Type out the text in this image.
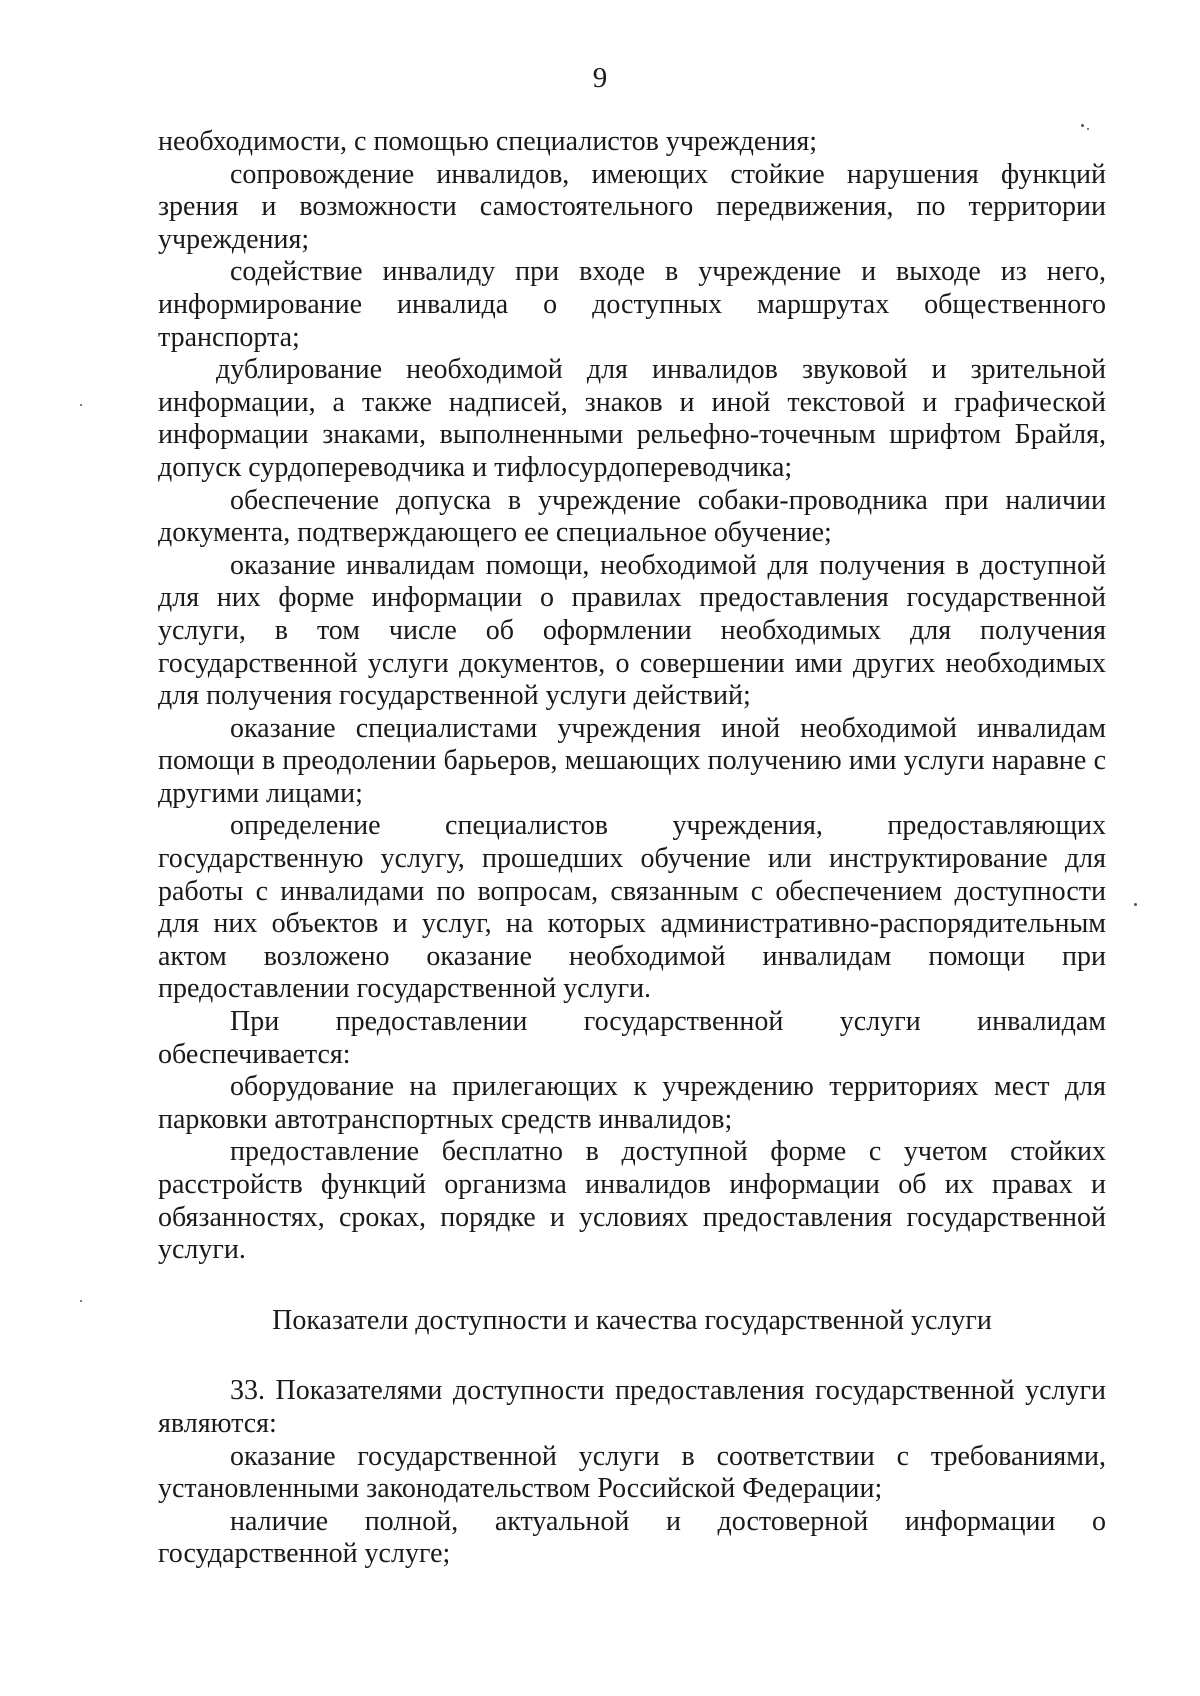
9

необходимости, с помощью специалистов учреждения;

сопровождение инвалидов, имеющих стойкие нарушения функций зрения и возможности самостоятельного передвижения, по территории учреждения;

содействие инвалиду при входе в учреждение и выходе из него, информирование инвалида о доступных маршрутах общественного транспорта;

дублирование необходимой для инвалидов звуковой и зрительной информации, а также надписей, знаков и иной текстовой и графической информации знаками, выполненными рельефно-точечным шрифтом Брайля, допуск сурдопереводчика и тифлосурдопереводчика;

обеспечение допуска в учреждение собаки-проводника при наличии документа, подтверждающего ее специальное обучение;

оказание инвалидам помощи, необходимой для получения в доступной для них форме информации о правилах предоставления государственной услуги, в том числе об оформлении необходимых для получения государственной услуги документов, о совершении ими других необходимых для получения государственной услуги действий;

оказание специалистами учреждения иной необходимой инвалидам помощи в преодолении барьеров, мешающих получению ими услуги наравне с другими лицами;

определение специалистов учреждения, предоставляющих государственную услугу, прошедших обучение или инструктирование для работы с инвалидами по вопросам, связанным с обеспечением доступности для них объектов и услуг, на которых административно-распорядительным актом возложено оказание необходимой инвалидам помощи при предоставлении государственной услуги.

При предоставлении государственной услуги инвалидам обеспечивается:

оборудование на прилегающих к учреждению территориях мест для парковки автотранспортных средств инвалидов;

предоставление бесплатно в доступной форме с учетом стойких расстройств функций организма инвалидов информации об их правах и обязанностях, сроках, порядке и условиях предоставления государственной услуги.

Показатели доступности и качества государственной услуги

33. Показателями доступности предоставления государственной услуги являются:

оказание государственной услуги в соответствии с требованиями, установленными законодательством Российской Федерации;

наличие полной, актуальной и достоверной информации о государственной услуге;
